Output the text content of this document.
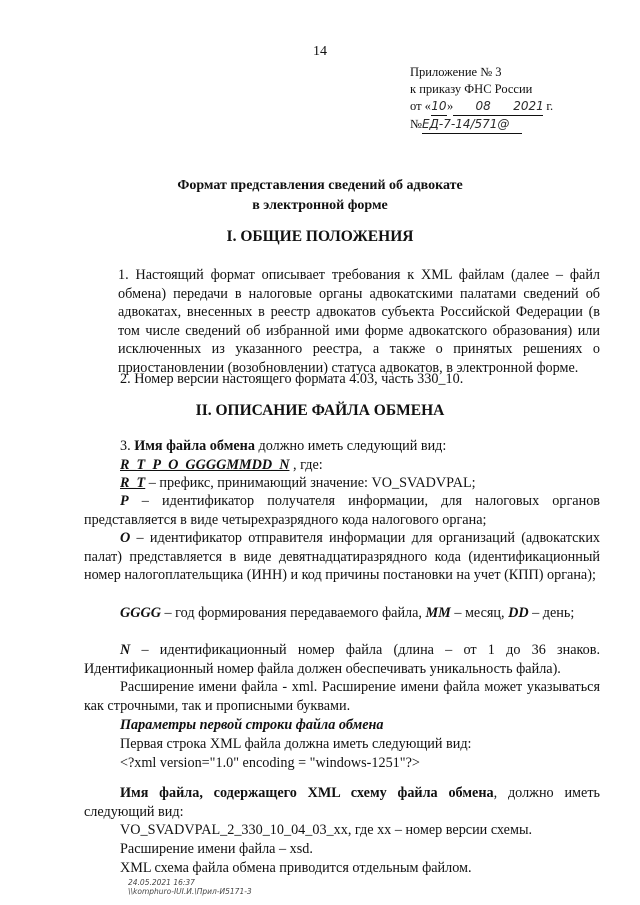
14
Приложение № 3
к приказу ФНС России
от «10» 08 2021 г.
№ЕД-7-14/571@
Формат представления сведений об адвокате
в электронной форме
I. ОБЩИЕ ПОЛОЖЕНИЯ

1. Настоящий формат описывает требования к XML файлам (далее – файл обмена) передачи в налоговые органы адвокатскими палатами сведений об адвокатах, внесенных в реестр адвокатов субъекта Российской Федерации (в том числе сведений об избранной ими форме адвокатского образования) или исключенных из указанного реестра, а также о принятых решениях о приостановлении (возобновлении) статуса адвокатов, в электронной форме.

2. Номер версии настоящего формата 4.03, часть 330_10.
II. ОПИСАНИЕ ФАЙЛА ОБМЕНА

3. Имя файла обмена должно иметь следующий вид:

R_T_P_O_GGGGMMDD_N , где:

R_T – префикс, принимающий значение: VO_SVADVPAL;

P – идентификатор получателя информации, для налоговых органов представляется в виде четырехразрядного кода налогового органа;
O – идентификатор отправителя информации для организаций (адвокатских палат) представляется в виде девятнадцатиразрядного кода (идентификационный номер налогоплательщика (ИНН) и код причины постановки на учет (КПП) органа);
GGGG – год формирования передаваемого файла, MM – месяц, DD – день;
N – идентификационный номер файла (длина – от 1 до 36 знаков. Идентификационный номер файла должен обеспечивать уникальность файла).
Расширение имени файла - xml. Расширение имени файла может указываться как строчными, так и прописными буквами.
Параметры первой строки файла обмена
Первая строка XML файла должна иметь следующий вид:
<?xml version="1.0" encoding = "windows-1251"?>
Имя файла, содержащего XML схему файла обмена, должно иметь следующий вид:
VO_SVADVPAL_2_330_10_04_03_xx, где xx – номер версии схемы.
Расширение имени файла – xsd.
XML схема файла обмена приводится отдельным файлом.
24.05.2021 16:37
\\komphuro-IUI.И.\Прил-И5171-3
